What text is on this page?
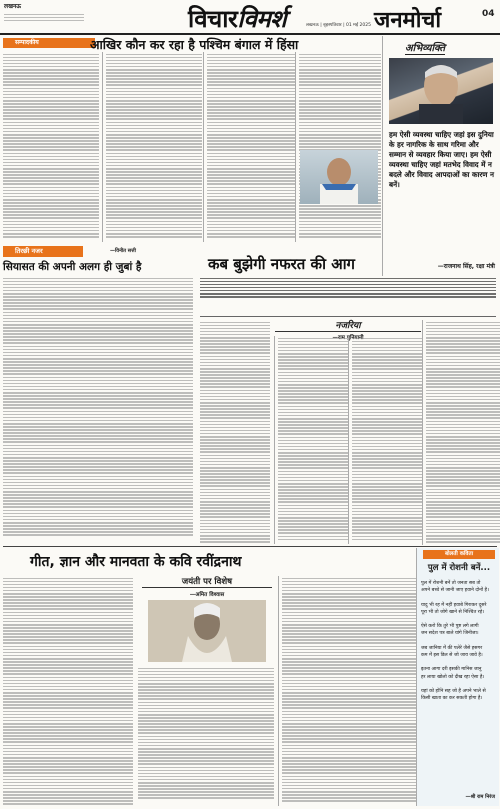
लखनऊ	विचारविमर्श	लखनऊ | बृहस्पतिवार | 01 मई 2025 जनमोर्चा	04
सम्पादकीय	आखिर कौन कर रहा है पश्चिम बंगाल में हिंसा	अभिव्यक्ति
हम ऐसी व्यवस्था चाहिए जहां इस दुनिया के हर नागरिक के साथ गरिमा और सम्मान से व्यवहार किया जाए। हम ऐसी व्यवस्था चाहिए जहां मतभेद विवाद में न बदले और विवाद आपदाओं का कारण न बनें।
—राजनाथ सिंह, रक्षा मंत्री
तिरछी नजर	—विनीत सत्ती
सियासत की अपनी अलग ही जुबां है	कब बुझेगी नफरत की आग
नजरिया
गीत, ज्ञान और मानवता के कवि रवींद्रनाथ
जयंती पर विशेष
—अमित विश्वास
बोलती कविता
पुल में रोशनी बनें...
पुल में रोशनी बनें तो जनता सब तो
अपने बच्चे से जानी जाए हवाने दोनों है।
यादु भी रह में नहीं हवाबे गिराकर दूसरे
पूरा भी तो जोगे खाने से निश्चित रहे।
ऐसे करो कि तुरे भी पुष्ट लगे लागी
जन सदेश पत्र बाले यांगे जिनीजा।
जब जानिया में की पलेरे जैसे हसगर
कम में इस डिल से जो जाय जावे है।
इतना आगा दरी इसकी मानिस जानु
हर लाया खोलो को दीख रहा ऐसा है।
यहां को होनि सह जो है अपने भाले से
किसी खाता का कर सकती होगा है।
—श्री राम निरंज
